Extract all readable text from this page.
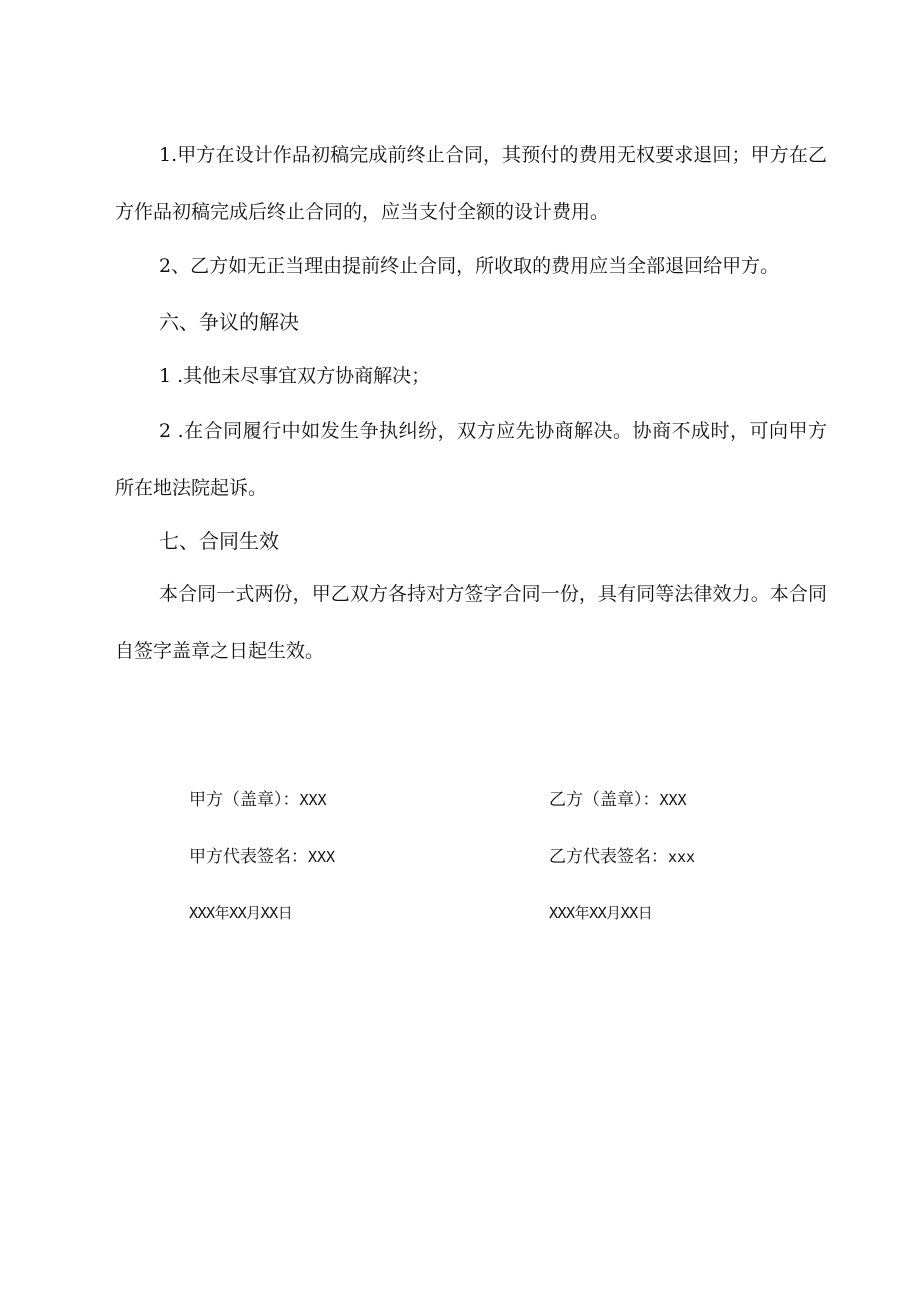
1.甲方在设计作品初稿完成前终止合同，其预付的费用无权要求退回；甲方在乙方作品初稿完成后终止合同的，应当支付全额的设计费用。

2、乙方如无正当理由提前终止合同，所收取的费用应当全部退回给甲方。

六、争议的解决

1 .其他未尽事宜双方协商解决；

2 .在合同履行中如发生争执纠纷，双方应先协商解决。协商不成时，可向甲方所在地法院起诉。

七、合同生效

本合同一式两份，甲乙双方各持对方签字合同一份，具有同等法律效力。本合同自签字盖章之日起生效。

甲方（盖章）：XXX
甲方代表签名：XXX
XXX年XX月XX日
乙方（盖章）：XXX
乙方代表签名：xxx
XXX年XX月XX日
